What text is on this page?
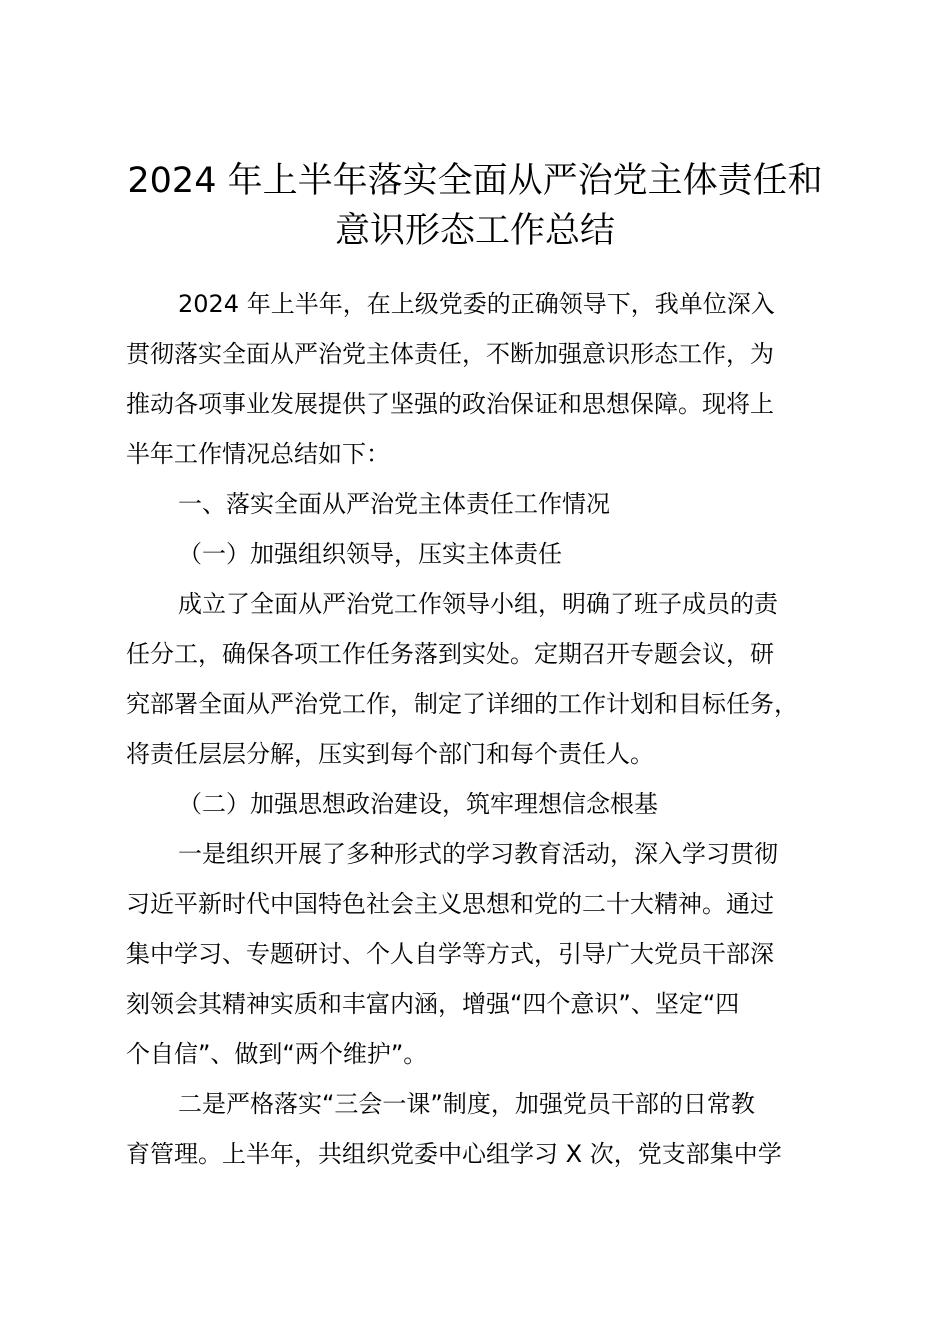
2024 年上半年落实全面从严治党主体责任和
意识形态工作总结

2024 年上半年，在上级党委的正确领导下，我单位深入

贯彻落实全面从严治党主体责任，不断加强意识形态工作，为

推动各项事业发展提供了坚强的政治保证和思想保障。现将上

半年工作情况总结如下：

一、落实全面从严治党主体责任工作情况

（一）加强组织领导，压实主体责任

成立了全面从严治党工作领导小组，明确了班子成员的责

任分工，确保各项工作任务落到实处。定期召开专题会议，研

究部署全面从严治党工作，制定了详细的工作计划和目标任务，

将责任层层分解，压实到每个部门和每个责任人。

（二）加强思想政治建设，筑牢理想信念根基

一是组织开展了多种形式的学习教育活动，深入学习贯彻

习近平新时代中国特色社会主义思想和党的二十大精神。通过

集中学习、专题研讨、个人自学等方式，引导广大党员干部深

刻领会其精神实质和丰富内涵，增强“四个意识”、坚定“四

个自信”、做到“两个维护”。

二是严格落实“三会一课”制度，加强党员干部的日常教

育管理。上半年，共组织党委中心组学习 X 次，党支部集中学
